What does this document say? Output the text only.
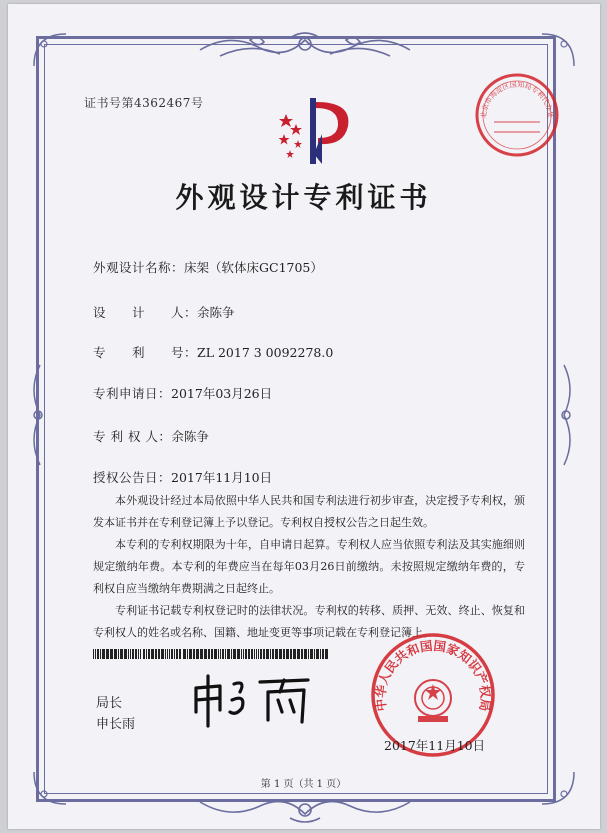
证书号第4362467号
北京市海淀区国知局专利代办处
外观设计专利证书
外观设计名称：床架（软体床GC1705）
设　　计　　人：余陈争
专　　利　　号：ZL 2017 3 0092278.0
专利申请日：2017年03月26日
专 利 权 人：余陈争
授权公告日：2017年11月10日

本外观设计经过本局依照中华人民共和国专利法进行初步审查，决定授予专利权，颁发本证书并在专利登记簿上予以登记。专利权自授权公告之日起生效。

本专利的专利权期限为十年，自申请日起算。专利权人应当依照专利法及其实施细则规定缴纳年费。本专利的年费应当在每年03月26日前缴纳。未按照规定缴纳年费的，专利权自应当缴纳年费期满之日起终止。

专利证书记载专利权登记时的法律状况。专利权的转移、质押、无效、终止、恢复和专利权人的姓名或名称、国籍、地址变更等事项记载在专利登记簿上。

局长
申长雨
中华人民共和国国家知识产权局
2017年11月10日
第 1 页（共 1 页）
